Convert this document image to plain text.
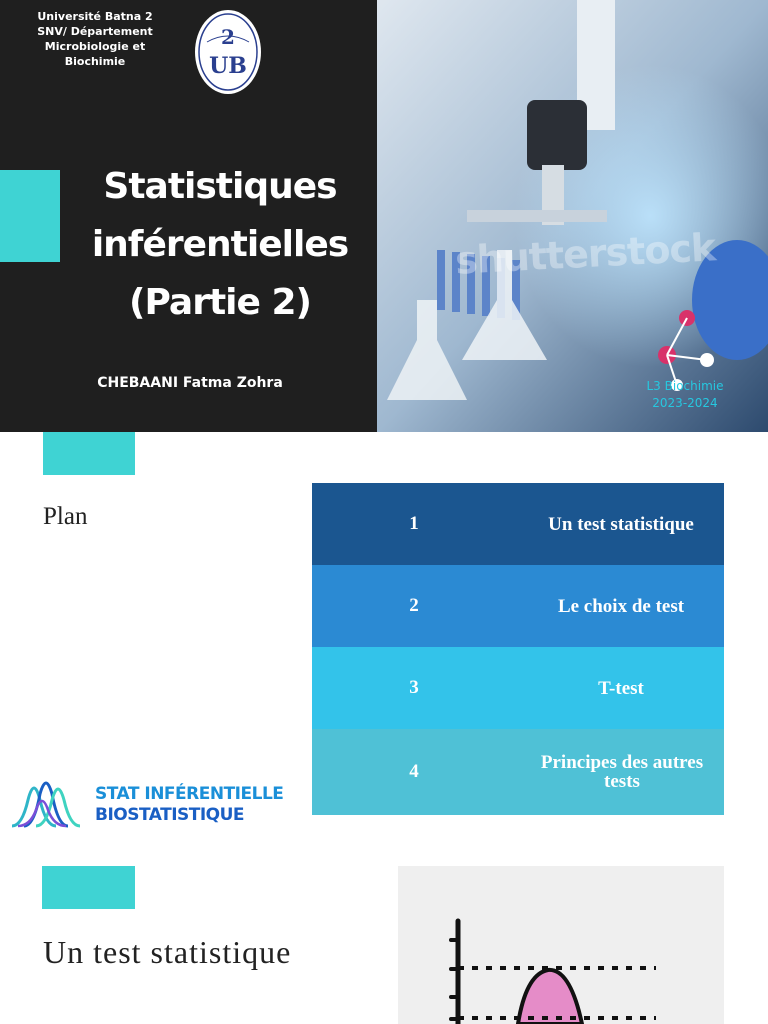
Université Batna 2
SNV/ Département
Microbiologie et
Biochimie
2
UB
Statistiques
inférentielles
(Partie 2)
CHEBAANI Fatma Zohra
shutterstock
L3 Biochimie
2023-2024
Plan	1	Un test statistique
2	Le choix de test
3	T-test
4	Principes des autres tests
STAT INFÉRENTIELLE
BIOSTATISTIQUE
Un test statistique
